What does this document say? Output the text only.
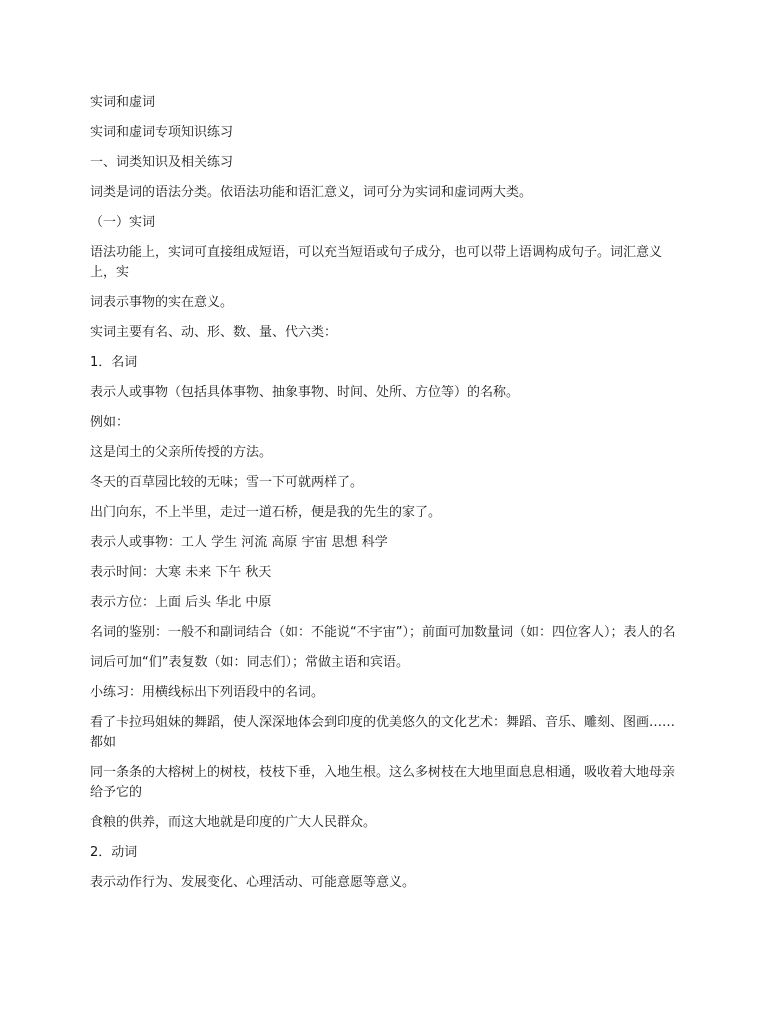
实词和虚词

实词和虚词专项知识练习

一、词类知识及相关练习

词类是词的语法分类。依语法功能和语汇意义，词可分为实词和虚词两大类。

（一）实词

语法功能上，实词可直接组成短语，可以充当短语或句子成分，也可以带上语调构成句子。词汇意义上，实

词表示事物的实在意义。

实词主要有名、动、形、数、量、代六类：

1．名词

表示人或事物（包括具体事物、抽象事物、时间、处所、方位等）的名称。

例如：

这是闰土的父亲所传授的方法。

冬天的百草园比较的无味；雪一下可就两样了。

出门向东，不上半里，走过一道石桥，便是我的先生的家了。

表示人或事物：工人 学生 河流 高原 宇宙 思想 科学

表示时间：大寒 未来 下午 秋天

表示方位：上面 后头 华北 中原

名词的鉴别：一般不和副词结合（如：不能说“不宇宙”）；前面可加数量词（如：四位客人）；表人的名

词后可加“们”表复数（如：同志们）；常做主语和宾语。

小练习：用横线标出下列语段中的名词。

看了卡拉玛姐妹的舞蹈，使人深深地体会到印度的优美悠久的文化艺术：舞蹈、音乐、雕刻、图画……都如

同一条条的大榕树上的树枝，枝枝下垂，入地生根。这么多树枝在大地里面息息相通，吸收着大地母亲给予它的

食粮的供养，而这大地就是印度的广大人民群众。

2．动词

表示动作行为、发展变化、心理活动、可能意愿等意义。
